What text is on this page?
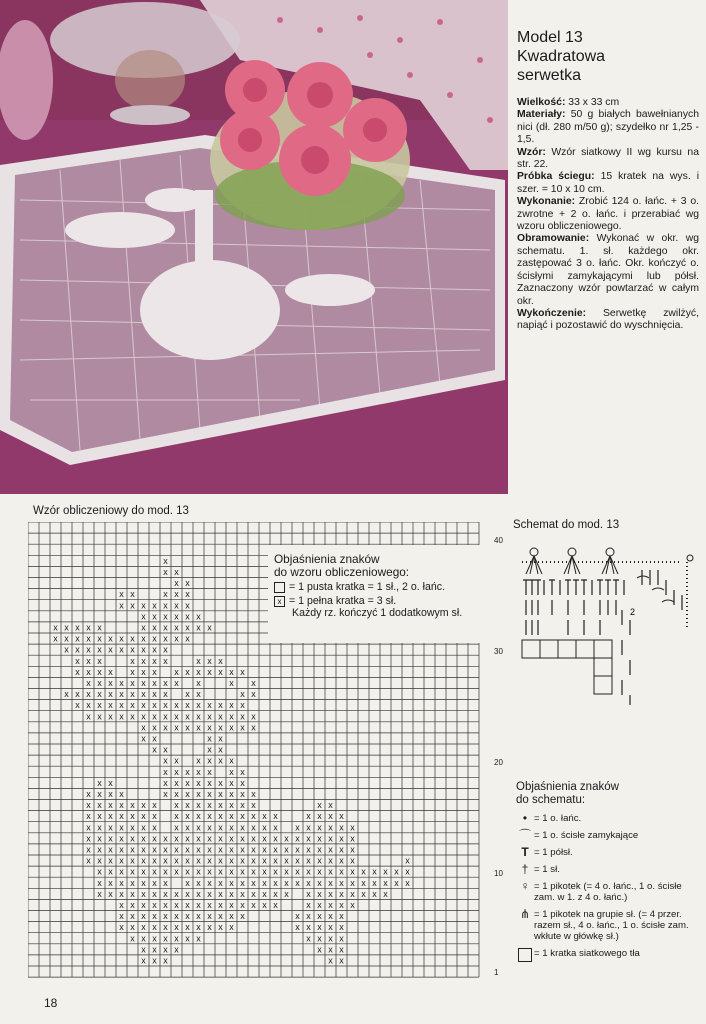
Model 13

Kwadratowa
serwetka

Wielkość: 33 x 33 cm

Materiały: 50 g białych bawełnianych nici (dł. 280 m/50 g); szydełko nr 1,25 - 1,5.

Wzór: Wzór siatkowy II wg kursu na str. 22.

Próbka ściegu: 15 kratek na wys. i szer. = 10 x 10 cm.

Wykonanie: Zrobić 124 o. łańc. + 3 o. zwrotne + 2 o. łańc. i przerabiać wg wzoru obliczeniowego.

Obramowanie: Wykonać w okr. wg schematu. 1. sł. każdego okr. zastępować 3 o. łańc. Okr. kończyć o. ścisłymi zamykającymi lub półsł. Zaznaczony wzór powtarzać w całym okr.

Wykończenie: Serwetkę zwilżyć, napiąć i pozostawić do wyschnięcia.

Wzór obliczeniowy do mod. 13
x
x x
x x
x x	x x x
x x x x x x x
x x x x x x
x x x x x	x x x x x x x
x x x x x x x x x x x x x
x x x x x x x x x x
x x x	x x x x	x x x
x x x x x x x x x x x x x x
x x x x x x x x x x	x x
x x x x x x x x x x x x	x x
x x x x x x x x x x x x x x x x
x x x x x x x x x x x x x x x x
x x x x x x x x x x x
x x	x x
x x	x x
x x x x x x
x x x x x x x
x x	x x x x x x x x
x x x x	x x x x x x x x x
x x x x x x x x x x x x x x x	x x
x x x x x x x x x x x x x x x x x	x x x x
x x x x x x x x x x x x x x x x x x x x x x x
x x x x x x x x x x x x x x x x x x x x x x x x x
x x x x x x x x x x x x x x x x x x x x x x x x x
x x x x x x x x x x x x x x x x x x x x x x x x x	x
x x x x x x x x x x x x x x x x x x x x x x x x x x x x x
x x x x x x x x x x x x x x x x x x x x x x x x x x x x
x x x x x x x x x x x x x x x x x x x x x x x x x x
x x x x x x x x x x x x x x x	x x x x x
x x x x x x x x x x x x	x x x x x
x x x x x x x x x x x	x x x x x
x x x x x x x	x x x x
x x x x	x x x
x x x	x x
40
30
20
10
1

Objaśnienia znaków
do wzoru obliczeniowego:

= 1 pusta kratka = 1 sł., 2 o. łańc.
x = 1 pełna kratka = 3 sł.
Każdy rz. kończyć 1 dodatkowym sł.
Schemat do mod. 13
2

Objaśnienia znaków
do schematu:

• = 1 o. łańc.
⌒ = 1 o. ścisłe zamykające
T = 1 półsł.
† = 1 sł.
♀ = 1 pikotek (= 4 o. łańc., 1 o. ścisłe zam. w 1. z 4 o. łańc.)
⋔ = 1 pikotek na grupie sł. (= 4 przer. razem sł., 4 o. łańc., 1 o. ścisłe zam. wkłute w główkę sł.)
= 1 kratka siatkowego tła
18
